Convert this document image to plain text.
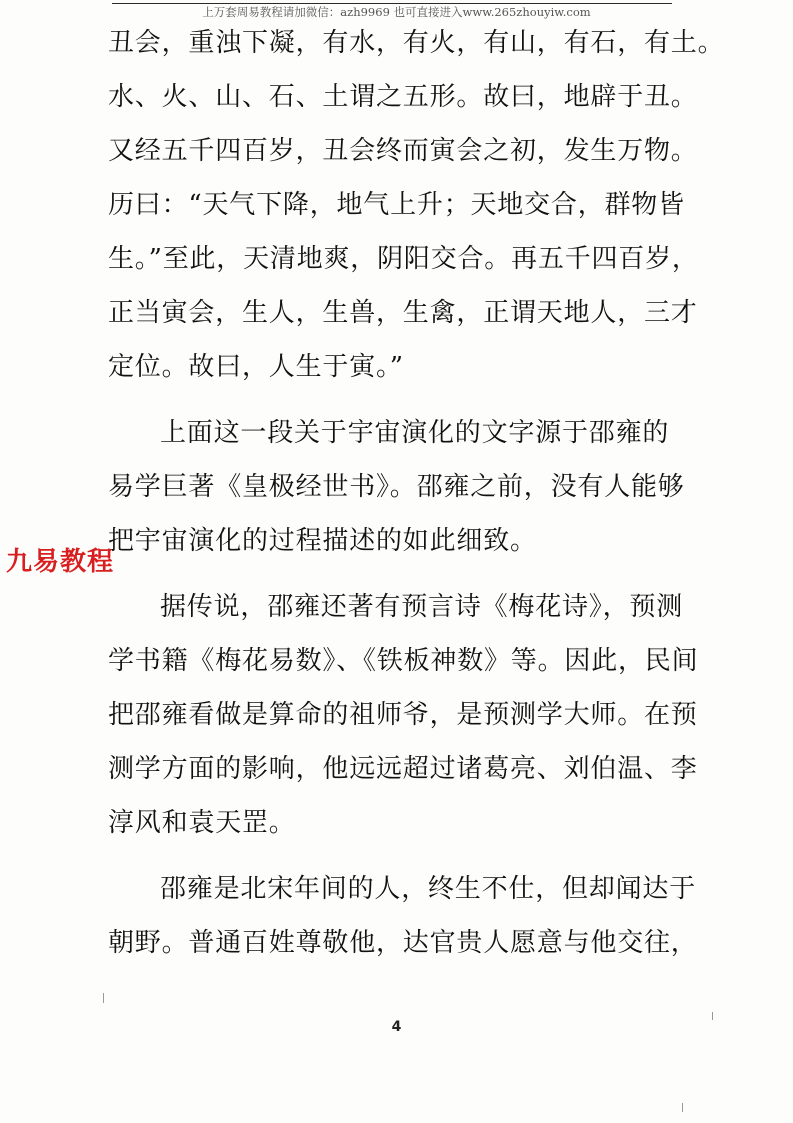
上万套周易教程请加微信：azh9969 也可直接进入www.265zhouyiw.com
丑会，重浊下凝，有水，有火，有山，有石，有土。
水、火、山、石、土谓之五形。故曰，地辟于丑。
又经五千四百岁，丑会终而寅会之初，发生万物。
历曰：“天气下降，地气上升；天地交合，群物皆
生。”至此，天清地爽，阴阳交合。再五千四百岁，
正当寅会，生人，生兽，生禽，正谓天地人，三才
定位。故曰，人生于寅。”
上面这一段关于宇宙演化的文字源于邵雍的
易学巨著《皇极经世书》。邵雍之前，没有人能够
把宇宙演化的过程描述的如此细致。
据传说，邵雍还著有预言诗《梅花诗》，预测
学书籍《梅花易数》、《铁板神数》等。因此，民间
把邵雍看做是算命的祖师爷，是预测学大师。在预
测学方面的影响，他远远超过诸葛亮、刘伯温、李
淳风和袁天罡。
邵雍是北宋年间的人，终生不仕，但却闻达于
朝野。普通百姓尊敬他，达官贵人愿意与他交往，
九易教程
4
